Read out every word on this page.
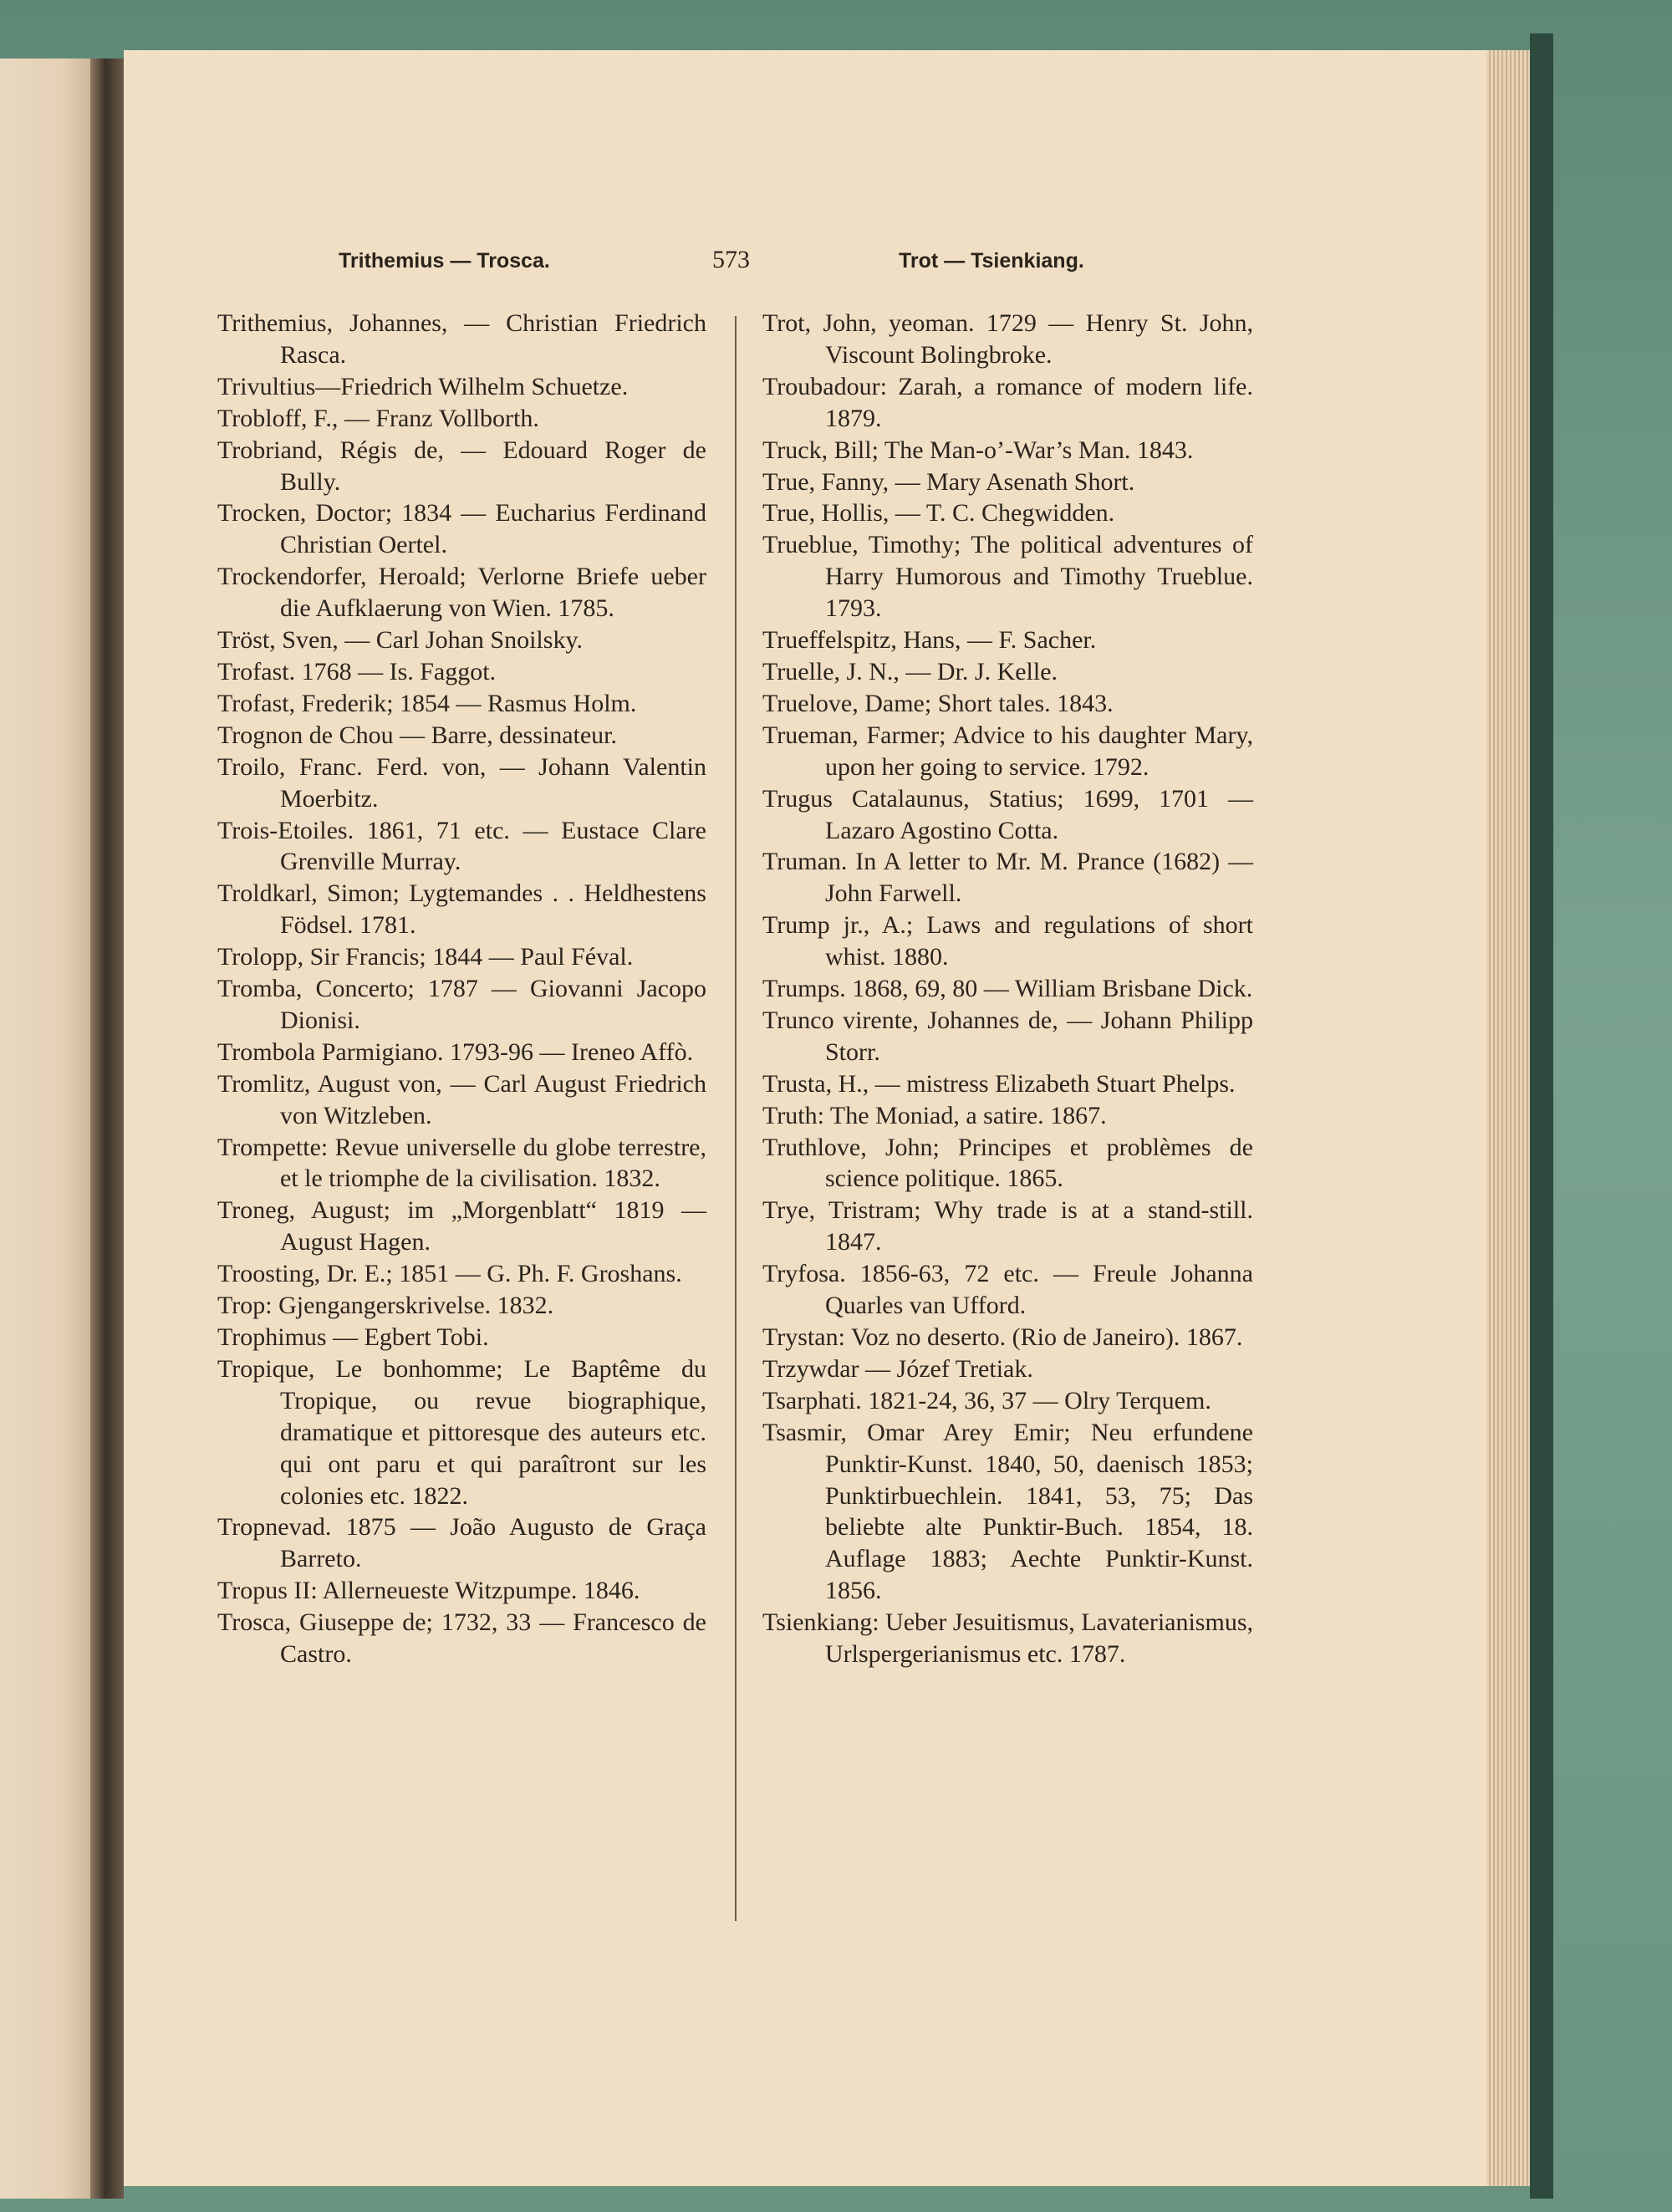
Trithemius — Trosca.	573	Trot — Tsienkiang.

Trithemius, Johannes, — Christian Friedrich Rasca.

Trivultius—Friedrich Wilhelm Schuetze.

Trobloff, F., — Franz Vollborth.

Trobriand, Régis de, — Edouard Roger de Bully.

Trocken, Doctor; 1834 — Eucharius Ferdinand Christian Oertel.

Trockendorfer, Heroald; Verlorne Briefe ueber die Aufklaerung von Wien. 1785.

Tröst, Sven, — Carl Johan Snoilsky.

Trofast. 1768 — Is. Faggot.

Trofast, Frederik; 1854 — Rasmus Holm.

Trognon de Chou — Barre, dessinateur.

Troilo, Franc. Ferd. von, — Johann Valentin Moerbitz.

Trois-Etoiles. 1861, 71 etc. — Eustace Clare Grenville Murray.

Troldkarl, Simon; Lygtemandes . . Heldhestens Födsel. 1781.

Trolopp, Sir Francis; 1844 — Paul Féval.

Tromba, Concerto; 1787 — Giovanni Jacopo Dionisi.

Trombola Parmigiano. 1793-96 — Ireneo Affò.

Tromlitz, August von, — Carl August Friedrich von Witzleben.

Trompette: Revue universelle du globe terrestre, et le triomphe de la civilisation. 1832.

Troneg, August; im „Morgenblatt“ 1819 — August Hagen.

Troosting, Dr. E.; 1851 — G. Ph. F. Groshans.

Trop: Gjengangerskrivelse. 1832.

Trophimus — Egbert Tobi.

Tropique, Le bonhomme; Le Baptême du Tropique, ou revue biographique, dramatique et pittoresque des auteurs etc. qui ont paru et qui paraîtront sur les colonies etc. 1822.

Tropnevad. 1875 — João Augusto de Graça Barreto.

Tropus II: Allerneueste Witzpumpe. 1846.

Trosca, Giuseppe de; 1732, 33 — Francesco de Castro.

Trot, John, yeoman. 1729 — Henry St. John, Viscount Bolingbroke.

Troubadour: Zarah, a romance of modern life. 1879.

Truck, Bill; The Man-o’-War’s Man. 1843.

True, Fanny, — Mary Asenath Short.

True, Hollis, — T. C. Chegwidden.

Trueblue, Timothy; The political adventures of Harry Humorous and Timothy Trueblue. 1793.

Trueffelspitz, Hans, — F. Sacher.

Truelle, J. N., — Dr. J. Kelle.

Truelove, Dame; Short tales. 1843.

Trueman, Farmer; Advice to his daughter Mary, upon her going to service. 1792.

Trugus Catalaunus, Statius; 1699, 1701 — Lazaro Agostino Cotta.

Truman. In A letter to Mr. M. Prance (1682) — John Farwell.

Trump jr., A.; Laws and regulations of short whist. 1880.

Trumps. 1868, 69, 80 — William Brisbane Dick.

Trunco virente, Johannes de, — Johann Philipp Storr.

Trusta, H., — mistress Elizabeth Stuart Phelps.

Truth: The Moniad, a satire. 1867.

Truthlove, John; Principes et problèmes de science politique. 1865.

Trye, Tristram; Why trade is at a stand-still. 1847.

Tryfosa. 1856-63, 72 etc. — Freule Johanna Quarles van Ufford.

Trystan: Voz no deserto. (Rio de Janeiro). 1867.

Trzywdar — Józef Tretiak.

Tsarphati. 1821-24, 36, 37 — Olry Terquem.

Tsasmir, Omar Arey Emir; Neu erfundene Punktir-Kunst. 1840, 50, daenisch 1853; Punktirbuechlein. 1841, 53, 75; Das beliebte alte Punktir-Buch. 1854, 18. Auflage 1883; Aechte Punktir-Kunst. 1856.

Tsienkiang: Ueber Jesuitismus, Lavaterianismus, Urlspergerianismus etc. 1787.
